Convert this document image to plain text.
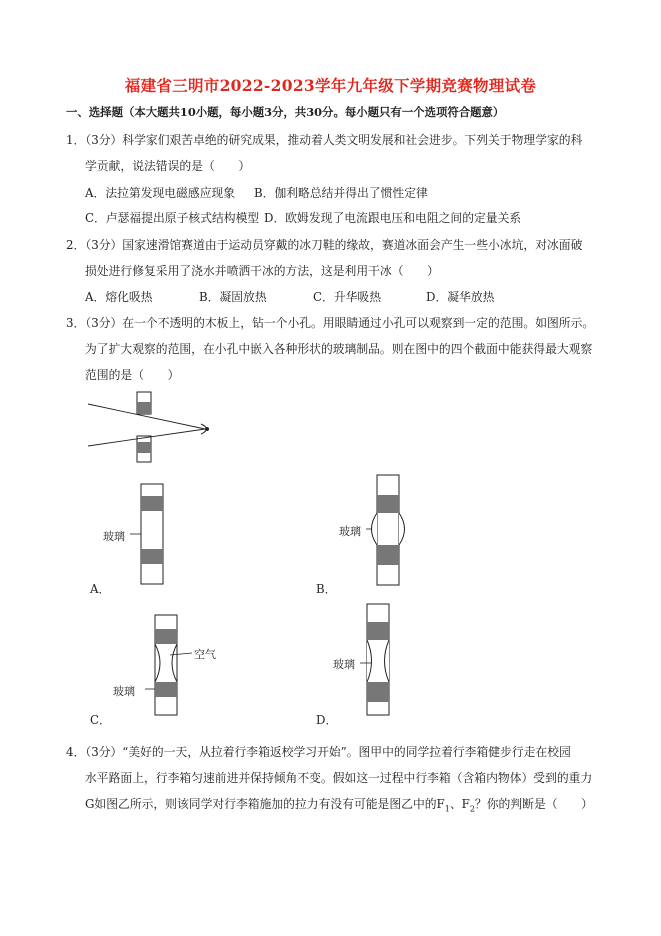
福建省三明市2022-2023学年九年级下学期竞赛物理试卷
一、选择题（本大题共10小题，每小题3分，共30分。每小题只有一个选项符合题意）
1．（3分）科学家们艰苦卓绝的研究成果，推动着人类文明发展和社会进步。下列关于物理学家的科
学贡献，说法错误的是（　　）
A．法拉第发现电磁感应现象 B．伽利略总结并得出了惯性定律
C．卢瑟福提出原子核式结构模型 D．欧姆发现了电流跟电压和电阻之间的定量关系
2．（3分）国家速滑馆赛道由于运动员穿戴的冰刀鞋的缘故，赛道冰面会产生一些小冰坑，对冰面破
损处进行修复采用了浇水并喷洒干冰的方法，这是利用干冰（　　）
A．熔化吸热	B．凝固放热	C．升华吸热	D．凝华放热
3．（3分）在一个不透明的木板上，钻一个小孔。用眼睛通过小孔可以观察到一定的范围。如图所示。
为了扩大观察的范围，在小孔中嵌入各种形状的玻璃制品。则在图中的四个截面中能获得最大观察
范围的是（　　）
玻璃
A．
玻璃
B．
空气
玻璃
C．
玻璃
D．
4．（3分）“美好的一天，从拉着行李箱返校学习开始”。图甲中的同学拉着行李箱健步行走在校园
水平路面上，行李箱匀速前进并保持倾角不变。假如这一过程中行李箱（含箱内物体）受到的重力
G如图乙所示，则该同学对行李箱施加的拉力有没有可能是图乙中的$F_1$、$F_2$？你的判断是（　　）
